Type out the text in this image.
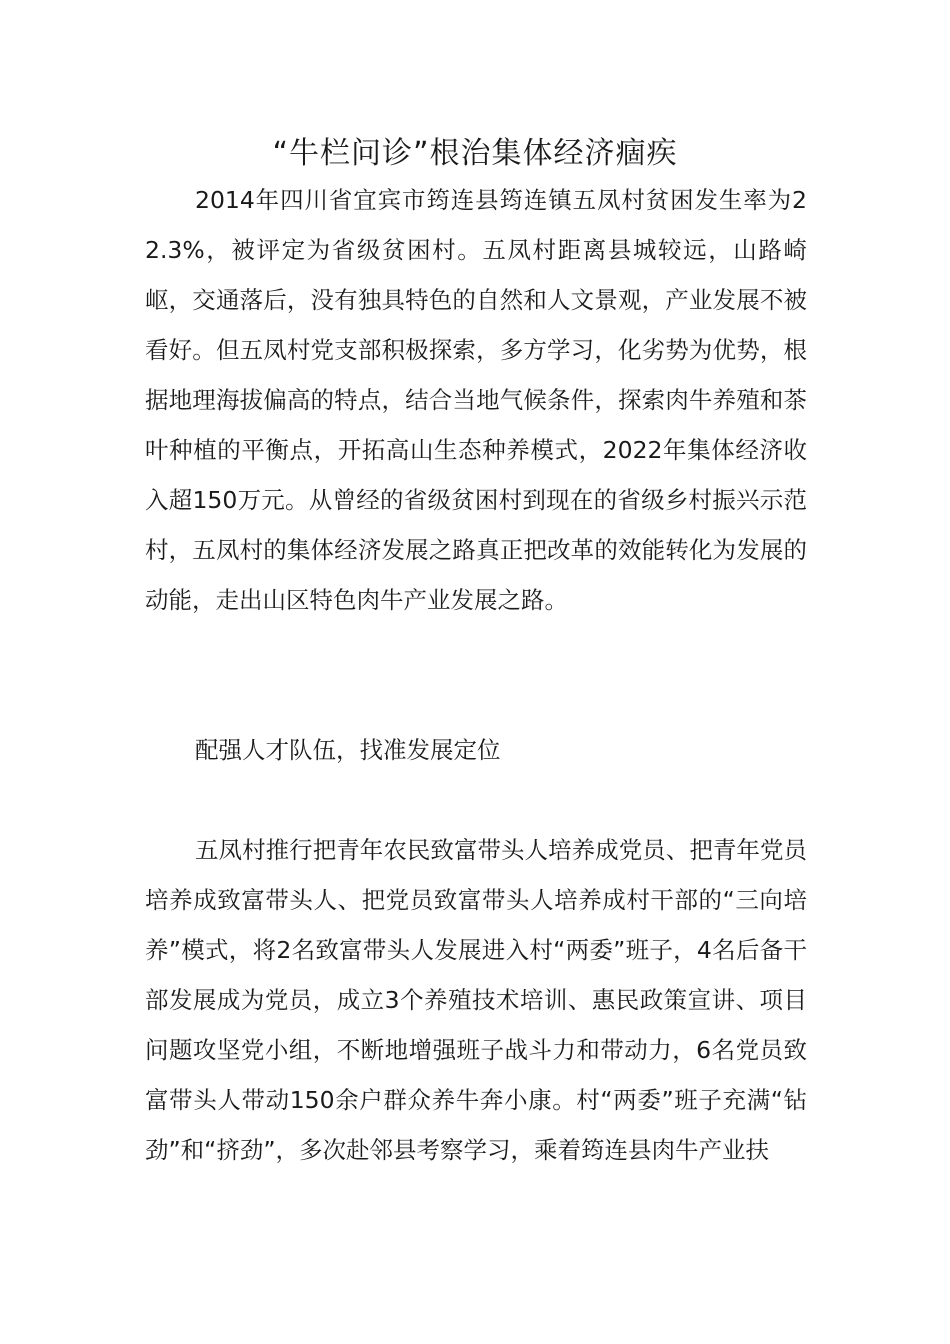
“牛栏问诊”根治集体经济痼疾

2014年四川省宜宾市筠连县筠连镇五凤村贫困发生率为22.3%，被评定为省级贫困村。五凤村距离县城较远，山路崎岖，交通落后，没有独具特色的自然和人文景观，产业发展不被看好。但五凤村党支部积极探索，多方学习，化劣势为优势，根据地理海拔偏高的特点，结合当地气候条件，探索肉牛养殖和茶叶种植的平衡点，开拓高山生态种养模式，2022年集体经济收入超150万元。从曾经的省级贫困村到现在的省级乡村振兴示范村，五凤村的集体经济发展之路真正把改革的效能转化为发展的动能，走出山区特色肉牛产业发展之路。

配强人才队伍，找准发展定位

五凤村推行把青年农民致富带头人培养成党员、把青年党员培养成致富带头人、把党员致富带头人培养成村干部的“三向培养”模式，将2名致富带头人发展进入村“两委”班子，4名后备干部发展成为党员，成立3个养殖技术培训、惠民政策宣讲、项目问题攻坚党小组，不断地增强班子战斗力和带动力，6名党员致富带头人带动150余户群众养牛奔小康。村“两委”班子充满“钻劲”和“挤劲”，多次赴邻县考察学习，乘着筠连县肉牛产业扶
